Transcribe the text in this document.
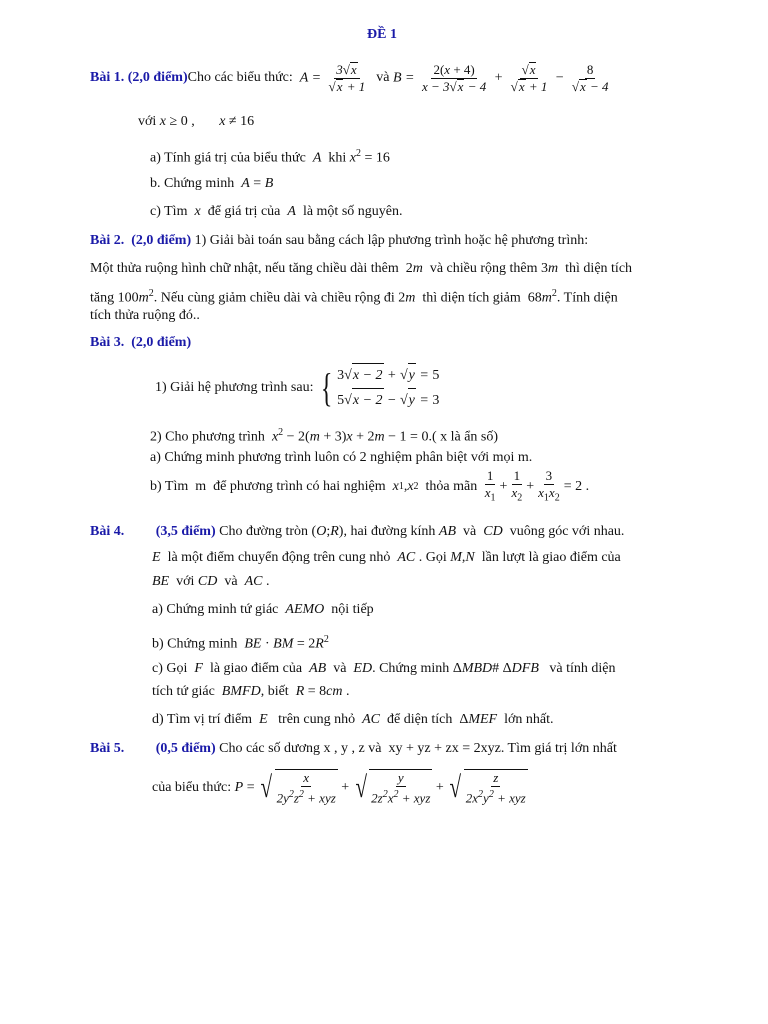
ĐỀ 1
Bài 1.
(2,0 điểm) Cho các biểu thức:
$A = \frac{3√x}{√x + 1}$
và
$B = \frac{2(x + 4)}{x - 3√x - 4} + \frac{√x}{√x + 1} - \frac{8}{√x - 4}$
với x ≥ 0 ,       x ≠ 16
a) Tính giá trị của biểu thức A khi $x^2 = 16$
b. Chứng minh A = B
c) Tìm x để giá trị của A là một số nguyên.
Bài 2. (2,0 điểm) 1) Giải bài toán sau bằng cách lập phương trình hoặc hệ phương trình:
Một thửa ruộng hình chữ nhật, nếu tăng chiều dài thêm  2m và chiều rộng thêm 3m thì diện tích
tăng $100m^2$. Nếu cùng giảm chiều dài và chiều rộng đi 2m thì diện tích giảm  $68m^2$. Tính diện
tích thửa ruộng đó..
Bài 3. (2,0 điểm)
1) Giải hệ phương trình sau:
{ 3√x − 2 + √y = 5
5√x − 2 − √y = 3
2) Cho phương trình $x^2 - 2(m + 3)x + 2m - 1 = 0$.( x là ẩn số)
a) Chứng minh phương trình luôn có 2 nghiệm phân biệt với mọi m.
b) Tìm m để phương trình có hai nghiệm
x 1 , x 2
thỏa mãn
$\frac{1}{x_1} + \frac{1}{x_2} + \frac{3}{x_1x_2} = 2$ .
Bài 4. (3,5 điểm) Cho đường tròn (O;R), hai đường kính AB và CD vuông góc với nhau.
E là một điểm chuyển động trên cung nhỏ AC . Gọi M,N lần lượt là giao điểm của
BE với CD và AC .
a) Chứng minh tứ giác AEMO nội tiếp
b) Chứng minh BE · BM = $2R^2$
c) Gọi F là giao điểm của AB và ED. Chứng minh ΔMBD# ΔDFB và tính diện
tích tứ giác BMFD, biết R = 8cm .
d) Tìm vị trí điểm E trên cung nhỏ AC để diện tích  ΔMEF lớn nhất.
Bài 5. (0,5 điểm) Cho các số dương x , y , z và  xy + yz + zx = 2xyz. Tìm giá trị lớn nhất
của biểu thức:
P = √ $\frac{x}{2y^2z^2 + xyz}$ + √ $\frac{y}{2z^2x^2 + xyz}$ + √ $\frac{z}{2x^2y^2 + xyz}$
